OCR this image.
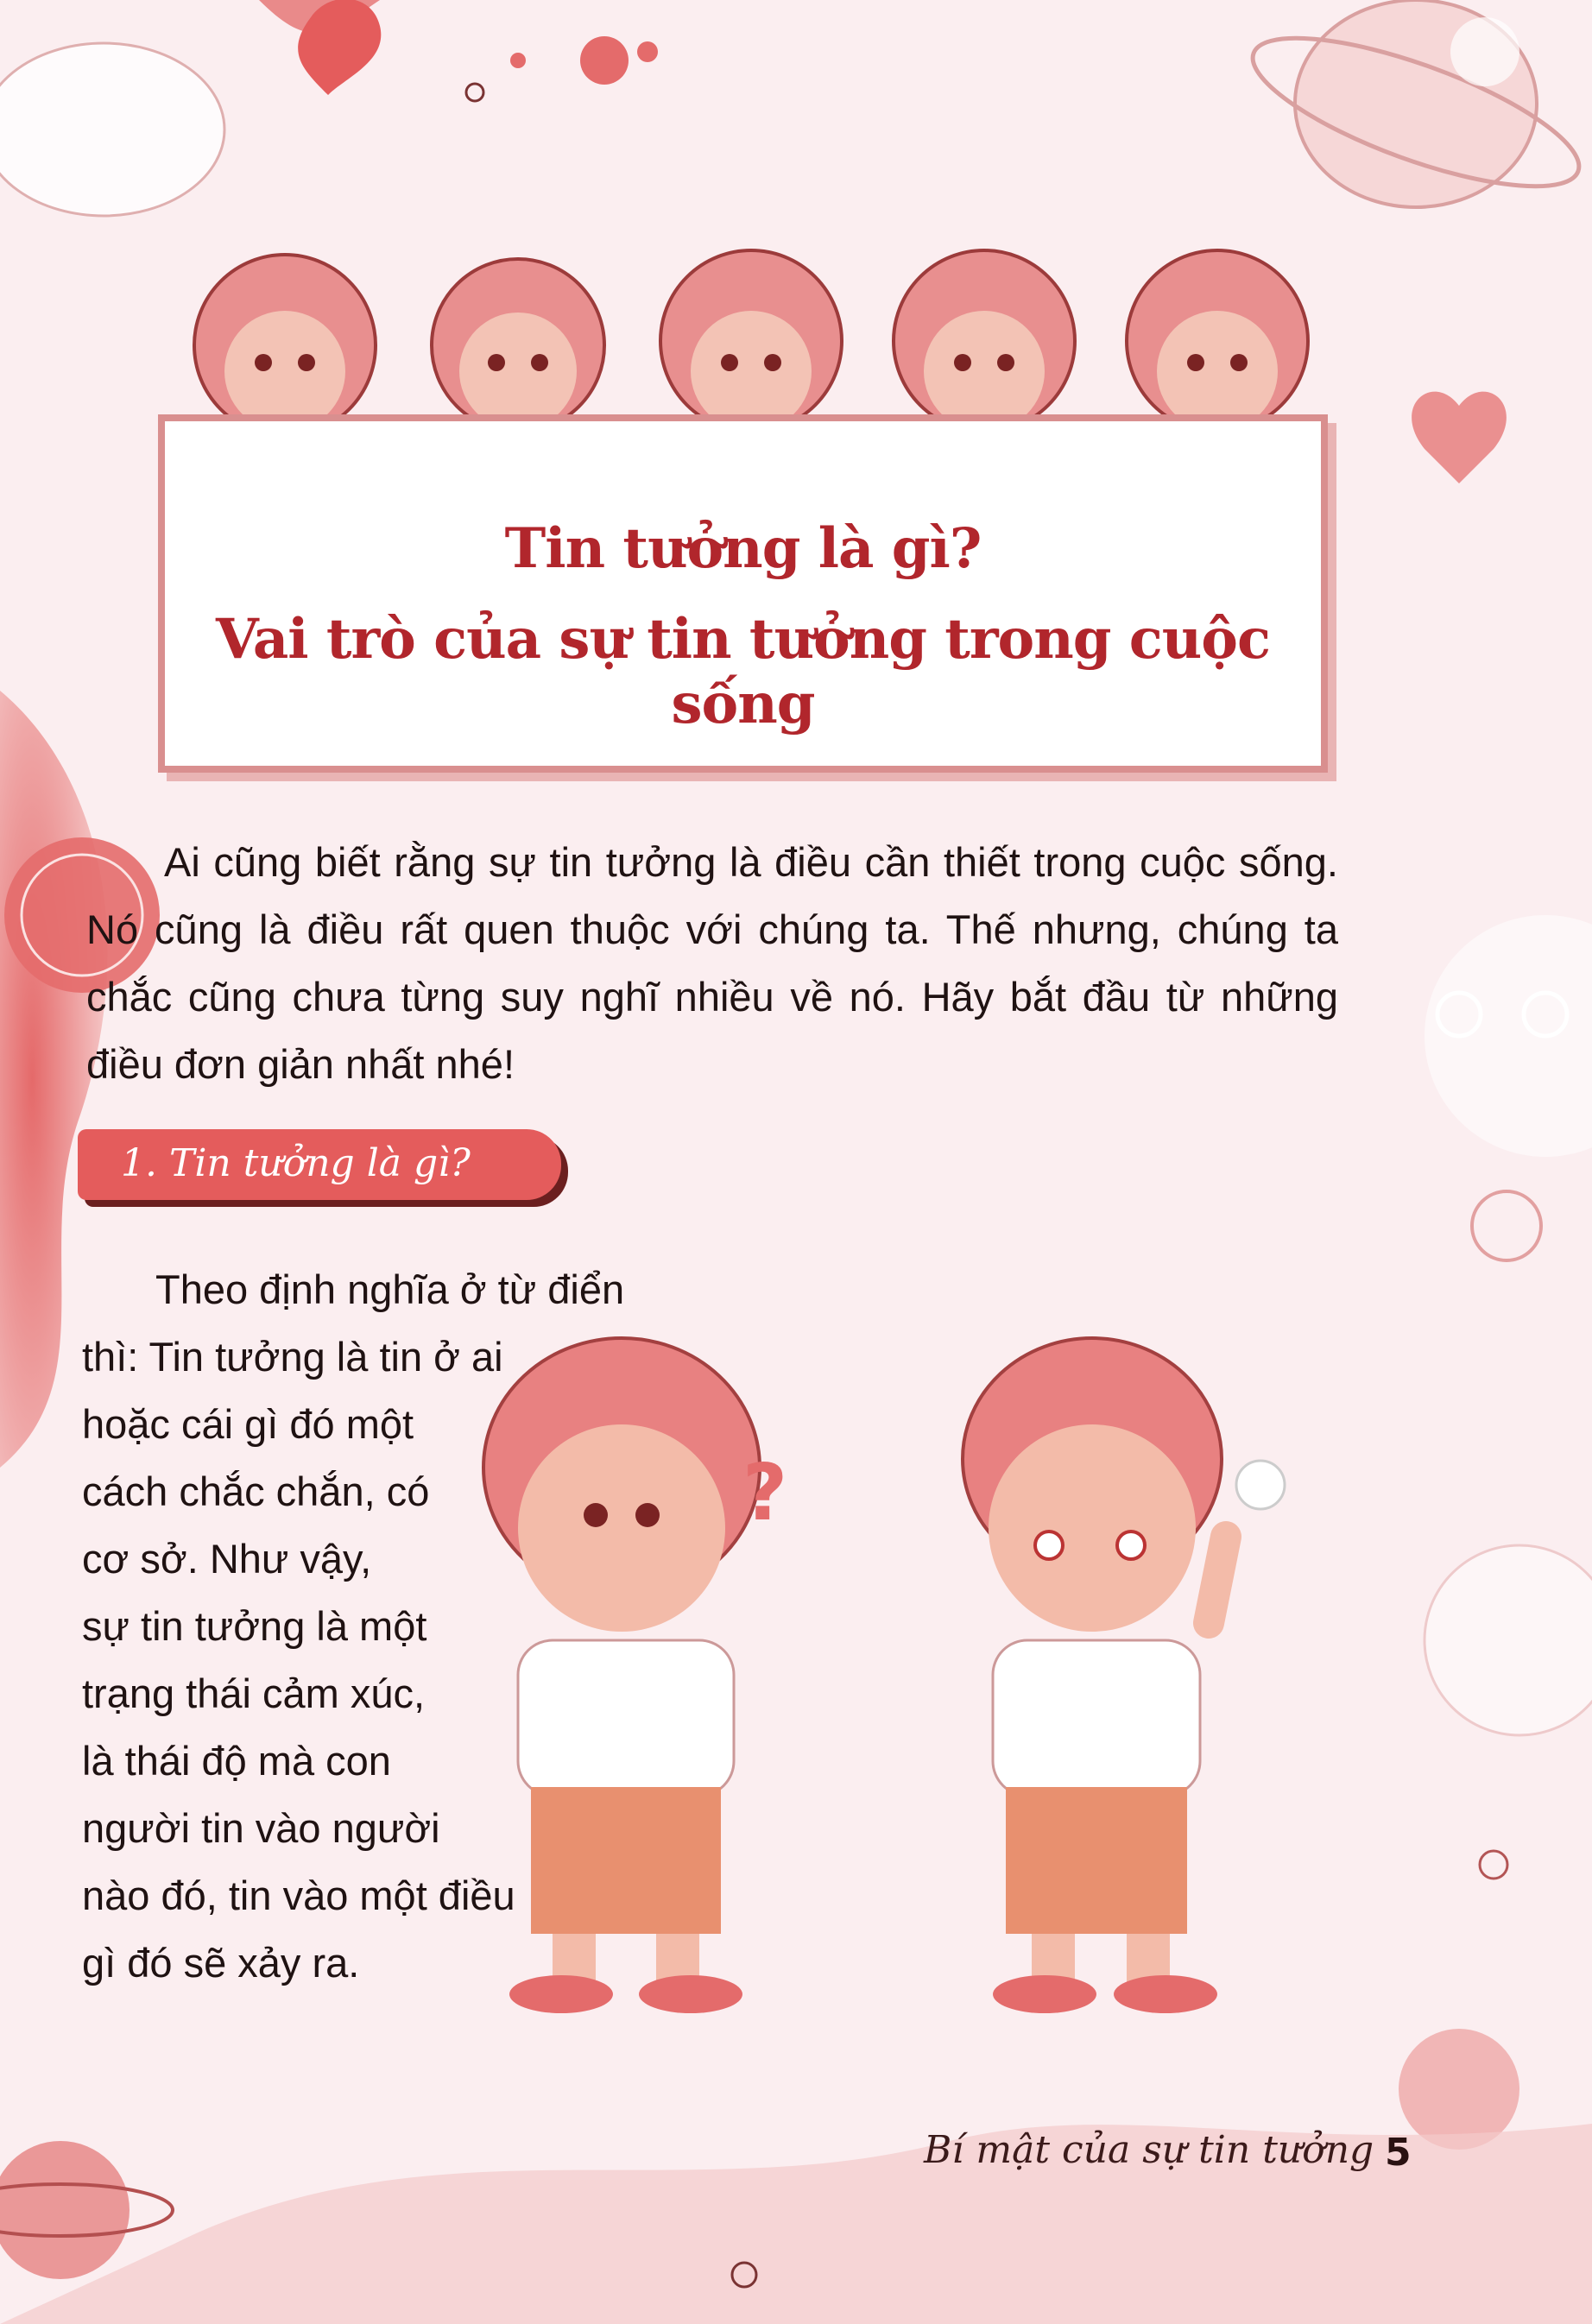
Tin tưởng là gì?
Vai trò của sự tin tưởng trong cuộc sống

Ai cũng biết rằng sự tin tưởng là điều cần thiết trong cuộc sống. Nó cũng là điều rất quen thuộc với chúng ta. Thế nhưng, chúng ta chắc cũng chưa từng suy nghĩ nhiều về nó. Hãy bắt đầu từ những điều đơn giản nhất nhé!

1. Tin tưởng là gì?
?

Theo định nghĩa ở từ điển
thì: Tin tưởng là tin ở ai
hoặc cái gì đó một
cách chắc chắn, có
cơ sở. Như vậy,
sự tin tưởng là một
trạng thái cảm xúc,
là thái độ mà con
người tin vào người
nào đó, tin vào một điều
gì đó sẽ xảy ra.

Bí mật của sự tin tưởng 5
